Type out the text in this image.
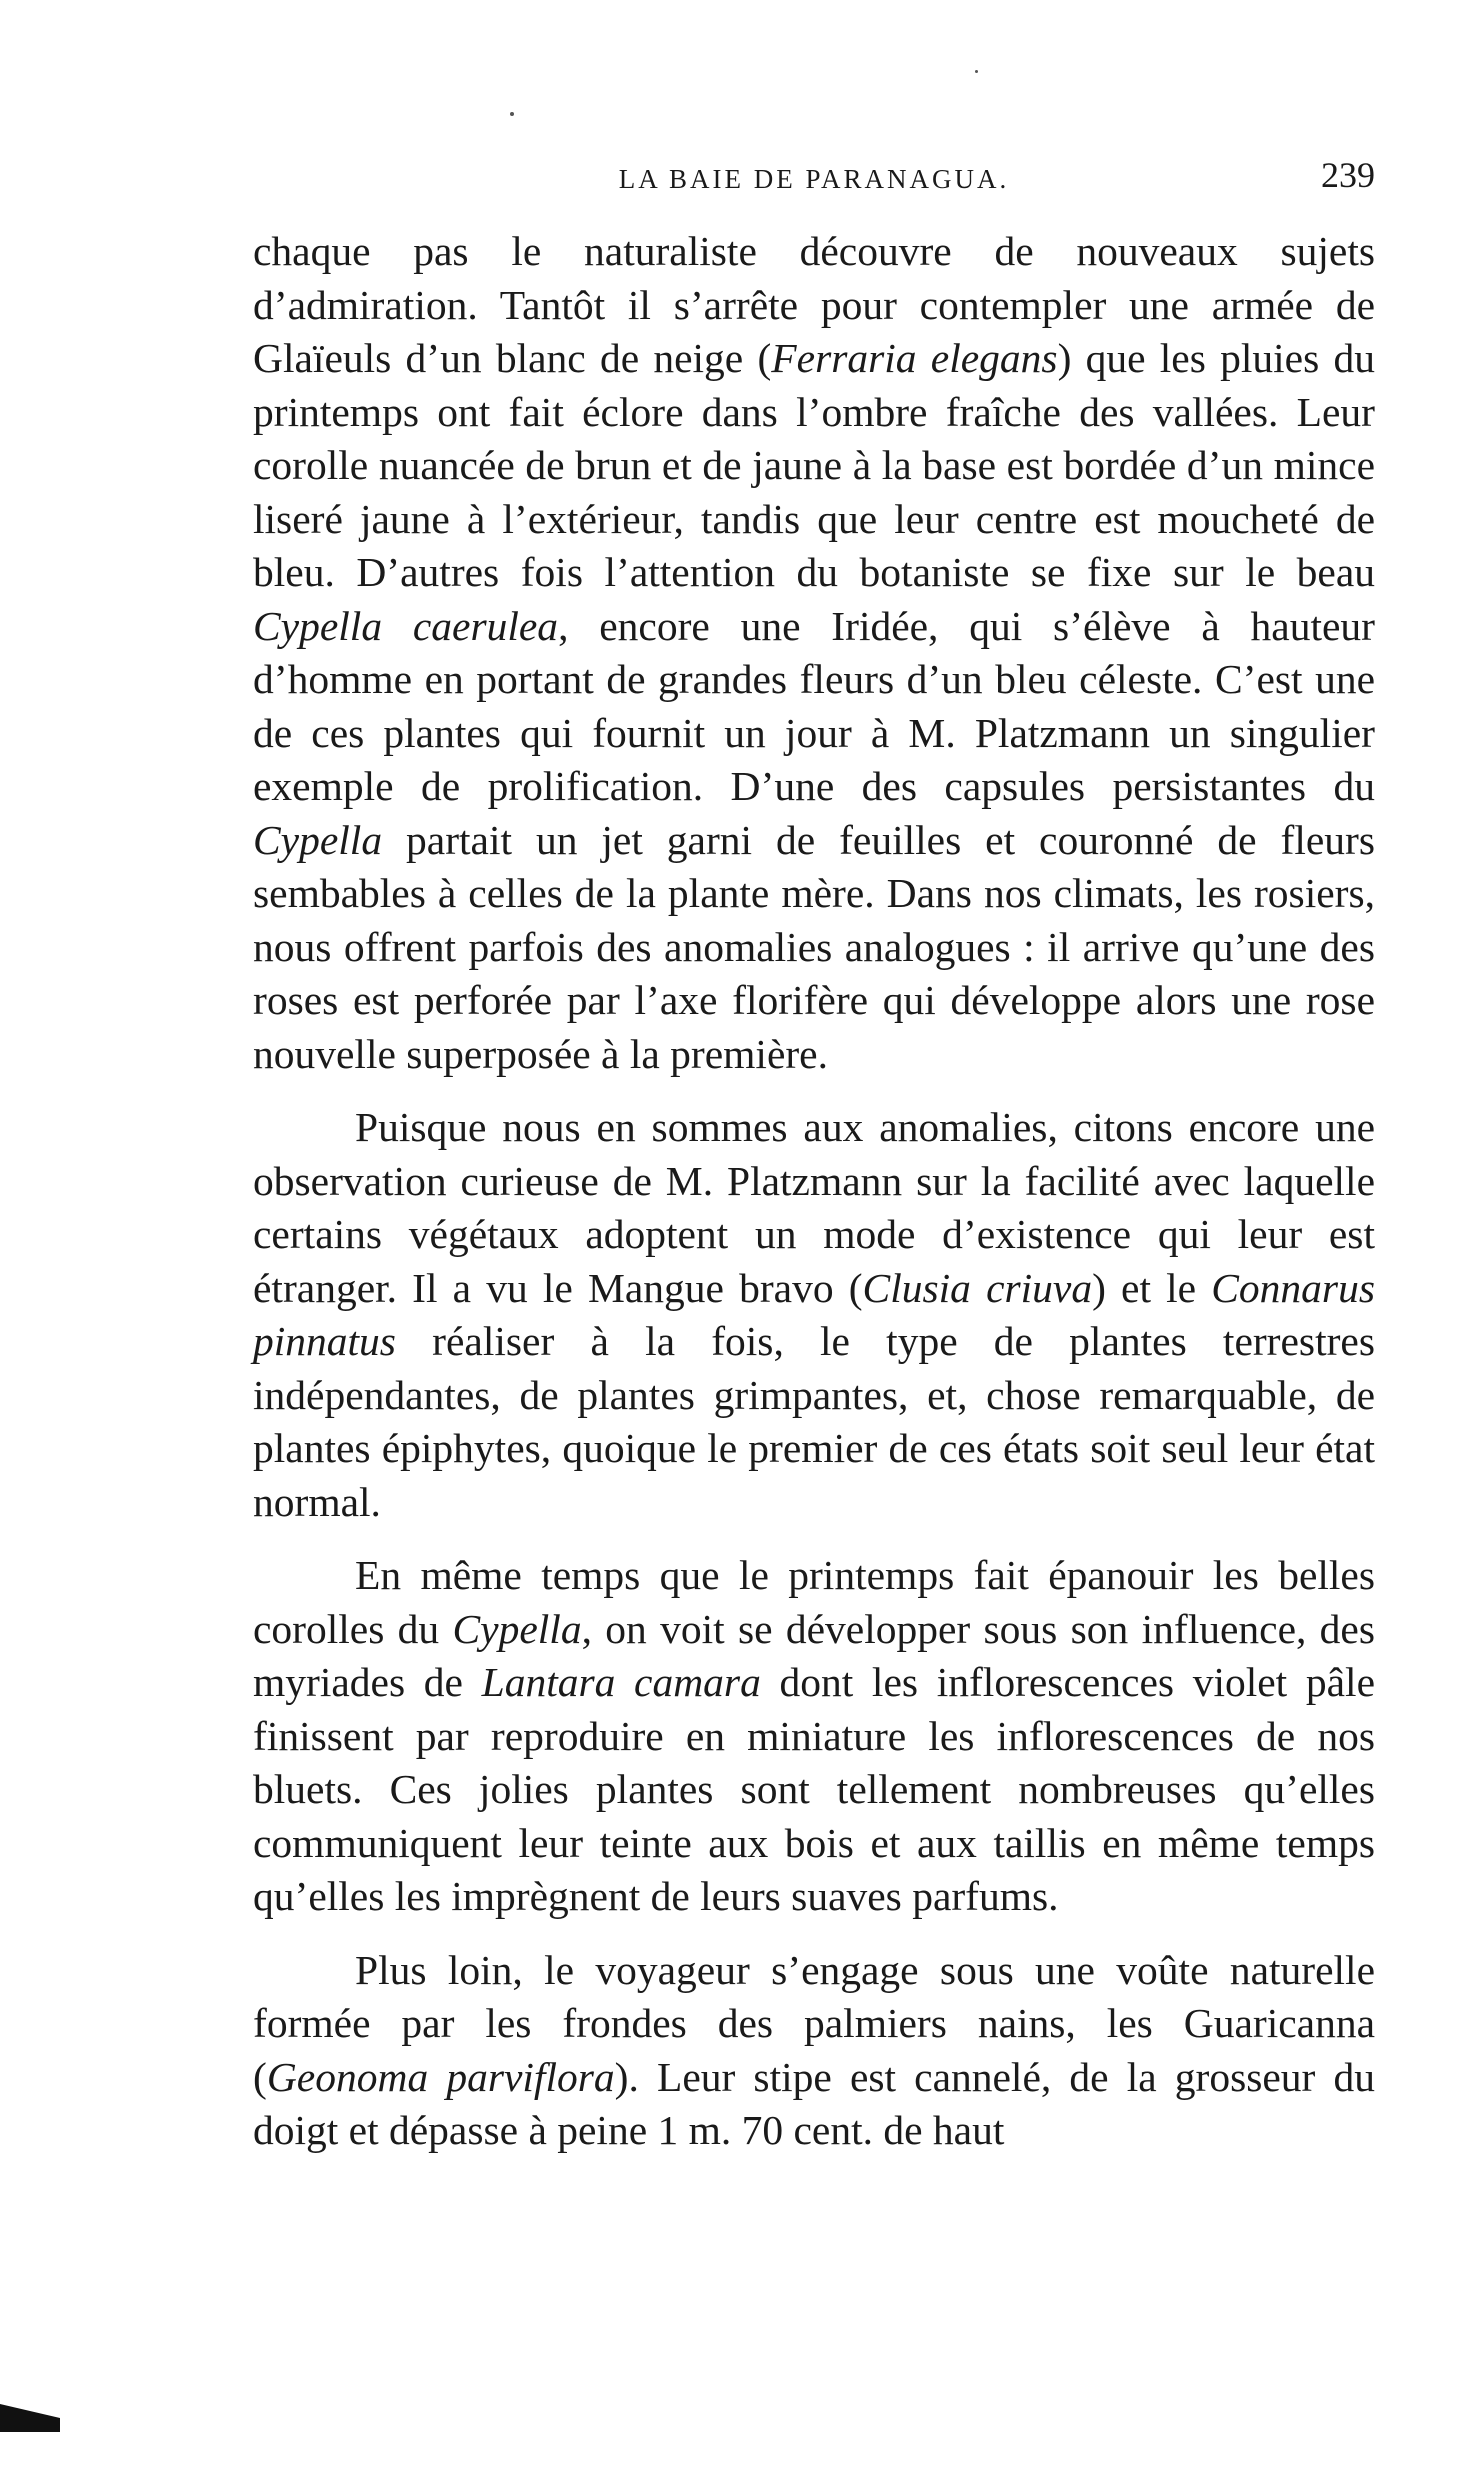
LA BAIE DE PARANAGUA.	239

chaque pas le naturaliste découvre de nouveaux sujets d’admiration. Tantôt il s’arrête pour contempler une armée de Glaïeuls d’un blanc de neige (Ferraria elegans) que les pluies du printemps ont fait éclore dans l’ombre fraîche des vallées. Leur corolle nuancée de brun et de jaune à la base est bordée d’un mince liseré jaune à l’extérieur, tandis que leur centre est moucheté de bleu. D’autres fois l’attention du botaniste se fixe sur le beau Cypella caerulea, encore une Iridée, qui s’élève à hauteur d’homme en portant de grandes fleurs d’un bleu céleste. C’est une de ces plantes qui fournit un jour à M. Platzmann un singulier exemple de prolification. D’une des capsules persistantes du Cypella partait un jet garni de feuilles et couronné de fleurs sembables à celles de la plante mère. Dans nos climats, les rosiers, nous offrent parfois des anomalies analogues : il arrive qu’une des roses est perforée par l’axe florifère qui développe alors une rose nouvelle superposée à la première.

Puisque nous en sommes aux anomalies, citons encore une observation curieuse de M. Platzmann sur la facilité avec laquelle certains végétaux adoptent un mode d’existence qui leur est étranger. Il a vu le Mangue bravo (Clusia criuva) et le Connarus pinnatus réaliser à la fois, le type de plantes terrestres indépendantes, de plantes grimpantes, et, chose remarquable, de plantes épiphytes, quoique le premier de ces états soit seul leur état normal.

En même temps que le printemps fait épanouir les belles corolles du Cypella, on voit se développer sous son influence, des myriades de Lantara camara dont les inflorescences violet pâle finissent par reproduire en miniature les inflorescences de nos bluets. Ces jolies plantes sont tellement nombreuses qu’elles communiquent leur teinte aux bois et aux taillis en même temps qu’elles les imprègnent de leurs suaves parfums.

Plus loin, le voyageur s’engage sous une voûte naturelle formée par les frondes des palmiers nains, les Guaricanna (Geonoma parviflora). Leur stipe est cannelé, de la grosseur du doigt et dépasse à peine 1 m. 70 cent. de haut
